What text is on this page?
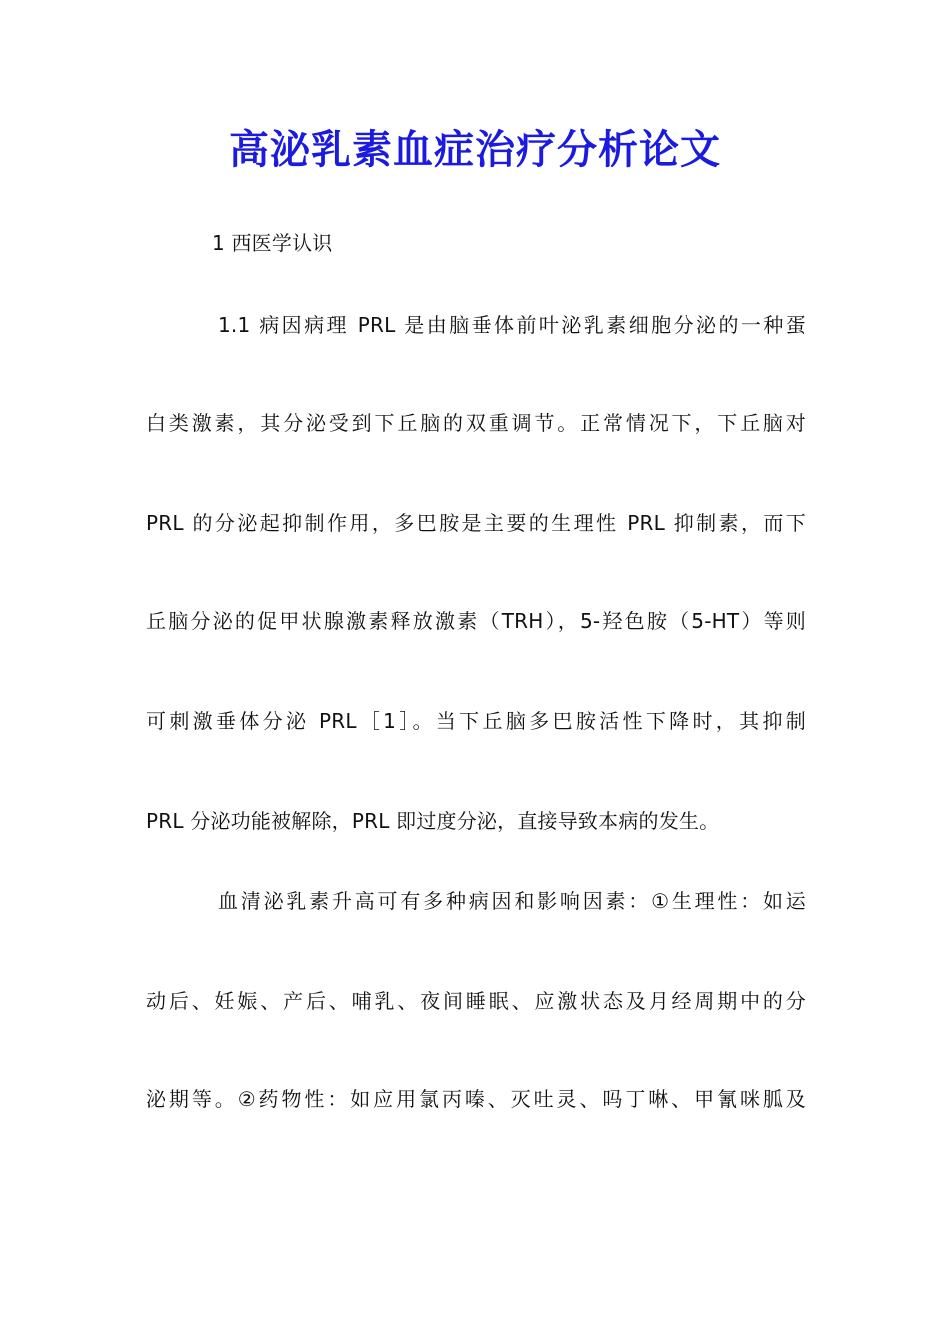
高泌乳素血症治疗分析论文
1 西医学认识
1.1 病因病理 PRL 是由脑垂体前叶泌乳素细胞分泌的一种蛋
白类激素，其分泌受到下丘脑的双重调节。正常情况下，下丘脑对
PRL 的分泌起抑制作用，多巴胺是主要的生理性 PRL 抑制素，而下
丘脑分泌的促甲状腺激素释放激素（TRH），5-羟色胺（5-HT）等则
可刺激垂体分泌 PRL［1］。当下丘脑多巴胺活性下降时，其抑制
PRL 分泌功能被解除，PRL 即过度分泌，直接导致本病的发生。
血清泌乳素升高可有多种病因和影响因素：①生理性：如运
动后、妊娠、产后、哺乳、夜间睡眠、应激状态及月经周期中的分
泌期等。②药物性：如应用氯丙嗪、灭吐灵、吗丁啉、甲氰咪胍及
